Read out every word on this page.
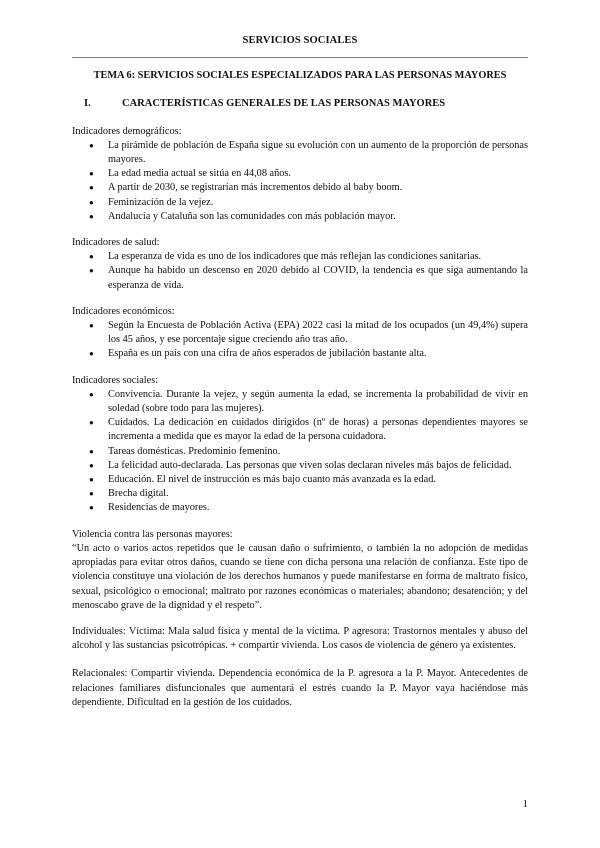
SERVICIOS SOCIALES
TEMA 6: SERVICIOS SOCIALES ESPECIALIZADOS PARA LAS PERSONAS MAYORES
I.	CARACTERÍSTICAS GENERALES DE LAS PERSONAS MAYORES
Indicadores demográficos:
● La pirámide de población de España sigue su evolución con un aumento de la proporción de personas mayores.
● La edad media actual se sitúa en 44,08 años.
● A partir de 2030, se registrarían más incrementos debido al baby boom.
● Feminización de la vejez.
● Andalucía y Cataluña son las comunidades con más población mayor.
Indicadores de salud:
● La esperanza de vida es uno de los indicadores que más reflejan las condiciones sanitarias.
● Aunque ha habido un descenso en 2020 debido al COVID, la tendencia es que siga aumentando la esperanza de vida.
Indicadores económicos:
● Según la Encuesta de Población Activa (EPA) 2022 casi la mitad de los ocupados (un 49,4%) supera los 45 años, y ese porcentaje sigue creciendo año tras año.
● España es un país con una cifra de años esperados de jubilación bastante alta.
Indicadores sociales:
● Convivencia. Durante la vejez, y según aumenta la edad, se incrementa la probabilidad de vivir en soledad (sobre todo para las mujeres).
● Cuidados. La dedicación en cuidados dirigidos (nº de horas) a personas dependientes mayores se incrementa a medida que es mayor la edad de la persona cuidadora.
● Tareas domésticas. Predominio femenino.
● La felicidad auto-declarada. Las personas que viven solas declaran niveles más bajos de felicidad.
● Educación. El nivel de instrucción es más bajo cuanto más avanzada es la edad.
● Brecha digital.
● Residencias de mayores.
Violencia contra las personas mayores:

“Un acto o varios actos repetidos que le causan daño o sufrimiento, o también la no adopción de medidas apropiadas para evitar otros daños, cuando se tiene con dicha persona una relación de confianza. Este tipo de violencia constituye una violación de los derechos humanos y puede manifestarse en forma de maltrato físico, sexual, psicológico o emocional; maltrato por razones económicas o materiales; abandono; desatención; y del menoscabo grave de la dignidad y el respeto”.

Individuales: Víctima: Mala salud física y mental de la víctima. P agresora: Trastornos mentales y abuso del alcohol y las sustancias psicotrópicas. + compartir vivienda. Los casos de violencia de género ya existentes.

Relacionales: Compartir vivienda. Dependencia económica de la P. agresora a la P. Mayor. Antecedentes de relaciones familiares disfuncionales que aumentará el estrés cuando la P. Mayor vaya haciéndose más dependiente. Dificultad en la gestión de los cuidados.

1
